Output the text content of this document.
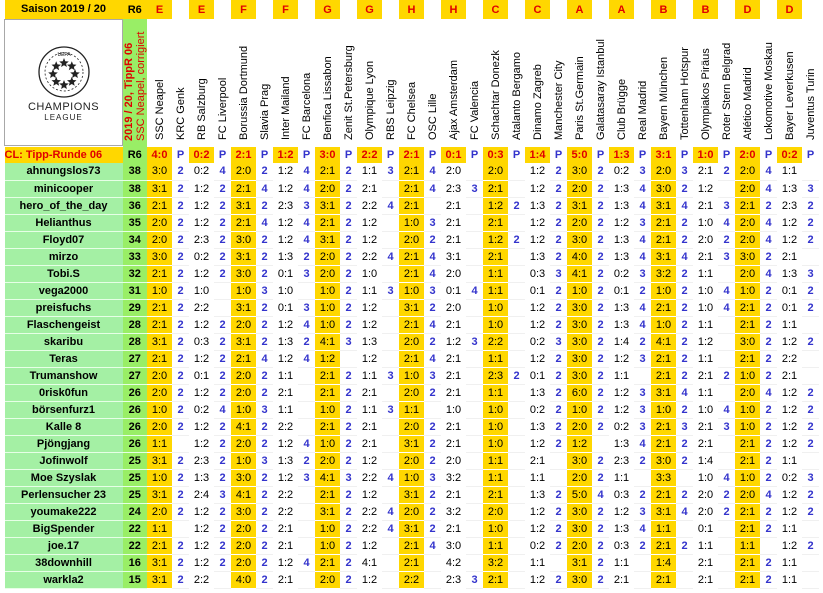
Saison 2019 / 20	R6	E		E		F		F		G		G		H		H		C		C		A		A		B		B		D		D	

UEFA
CHAMPIONS
LEAGUE	2019 / 20, TippR 06SSC Neapel, corrigiert	SSC Neapel	KRC Genk	RB Salzburg	FC Liverpool	Borussia Dortmund	Slavia Prag	Inter Mailand	FC Barcelona	Benfica Lissabon	Zenit St.Petersburg	Olympique Lyon	RBS Leipzig	FC Chelsea	OSC Lille	Ajax Amsterdam	FC Valencia	Schachtar Donezk	Atalanto Bergamo	Dinamo Zagreb	Manchester City	Paris St.Germain	Galatasaray Istanbul	Club Brügge	Real Madrid	Bayern München	Tottenham Hotspur	Olympiakos Piräus	Roter Stern Belgrad	Atlético Madrid	Lokomotive Moskau	Bayer Leverkusen	Juventus Turin

CL: Tipp-Runde 06	R6	4:0	P	0:2	P	2:1	P	1:2	P	3:0	P	2:2	P	2:1	P	0:1	P	0:3	P	1:4	P	5:0	P	1:3	P	3:1	P	1:0	P	2:0	P	0:2	P
ahnungslos73	38	3:0	2	0:2	4	2:0	2	1:2	4	2:1	2	1:1	3	2:1	4	2:0		2:0		1:2	2	3:0	2	0:2	3	2:0	3	2:1	2	2:0	4	1:1	
minicooper	38	3:1	2	1:2	2	2:1	4	1:2	4	2:0	2	2:1		2:1	4	2:3	3	2:1		1:2	2	2:0	2	1:3	4	3:0	2	1:2		2:0	4	1:3	3
hero_of_the_day	36	2:1	2	1:2	2	3:1	2	2:3	3	3:1	2	2:2	4	2:1		2:1		1:2	2	1:3	2	3:1	2	1:3	4	3:1	4	2:1	3	2:1	2	2:3	2
Helianthus	35	2:0	2	1:2	2	2:1	4	1:2	4	2:1	2	1:2		1:0	3	2:1		2:1		1:2	2	2:0	2	1:2	3	2:1	2	1:0	4	2:0	4	1:2	2
Floyd07	34	2:0	2	2:3	2	3:0	2	1:2	4	3:1	2	1:2		2:0	2	2:1		1:2	2	1:2	2	3:0	2	1:3	4	2:1	2	2:0	2	2:0	4	1:2	2
mirzo	33	3:0	2	0:2	2	3:1	2	1:3	2	2:0	2	2:2	4	2:1	4	3:1		2:1		1:3	2	4:0	2	1:3	4	3:1	4	2:1	3	3:0	2	2:1	
Tobi.S	32	2:1	2	1:2	2	3:0	2	0:1	3	2:0	2	1:0		2:1	4	2:0		1:1		0:3	3	4:1	2	0:2	3	3:2	2	1:1		2:0	4	1:3	3
vega2000	31	1:0	2	1:0		1:0	3	1:0		1:0	2	1:1	3	1:0	3	0:1	4	1:1		0:1	2	1:0	2	0:1	2	1:0	2	1:0	4	1:0	2	0:1	2
preisfuchs	29	2:1	2	2:2		3:1	2	0:1	3	1:0	2	1:2		3:1	2	2:0		1:0		1:2	2	3:0	2	1:3	4	2:1	2	1:0	4	2:1	2	0:1	2
Flaschengeist	28	2:1	2	1:2	2	2:0	2	1:2	4	1:0	2	1:2		2:1	4	2:1		1:0		1:2	2	3:0	2	1:3	4	1:0	2	1:1		2:1	2	1:1	
skaribu	28	3:1	2	0:3	2	3:1	2	1:3	2	4:1	3	1:3		2:0	2	1:2	3	2:2		0:2	3	3:0	2	1:4	2	4:1	2	1:2		3:0	2	1:2	2
Teras	27	2:1	2	1:2	2	2:1	4	1:2	4	1:2		1:2		2:1	4	2:1		1:1		1:2	2	3:0	2	1:2	3	2:1	2	1:1		2:1	2	2:2	
Trumanshow	27	2:0	2	0:1	2	2:0	2	1:1		2:1	2	1:1	3	1:0	3	2:1		2:3	2	0:1	2	3:0	2	1:1		2:1	2	2:1	2	1:0	2	2:1	
0risk0fun	26	2:0	2	1:2	2	2:0	2	2:1		2:1	2	2:1		2:0	2	2:1		1:1		1:3	2	6:0	2	1:2	3	3:1	4	1:1		2:0	4	1:2	2
börsenfurz1	26	1:0	2	0:2	4	1:0	3	1:1		1:0	2	1:1	3	1:1		1:0		1:0		0:2	2	1:0	2	1:2	3	1:0	2	1:0	4	1:0	2	1:2	2
Kalle 8	26	2:0	2	1:2	2	4:1	2	2:2		2:1	2	2:1		2:0	2	2:1		1:0		1:3	2	2:0	2	0:2	3	2:1	3	2:1	3	1:0	2	1:2	2
Pjöngjang	26	1:1		1:2	2	2:0	2	1:2	4	1:0	2	2:1		3:1	2	2:1		1:0		1:2	2	1:2		1:3	4	2:1	2	2:1		2:1	2	1:2	2
Jofinwolf	25	3:1	2	2:3	2	1:0	3	1:3	2	2:0	2	1:2		2:0	2	2:0		1:1		2:1		3:0	2	2:3	2	3:0	2	1:4		2:1	2	1:1	
Moe Szyslak	25	1:0	2	1:3	2	3:0	2	1:2	3	4:1	3	2:2	4	1:0	3	3:2		1:1		1:1		2:0	2	1:1		3:3		1:0	4	1:0	2	0:2	3
Perlensucher 23	25	3:1	2	2:4	3	4:1	2	2:2		2:1	2	1:2		3:1	2	2:1		2:1		1:3	2	5:0	4	0:3	2	2:1	2	2:0	2	2:0	4	1:2	2
youmake222	24	2:0	2	1:2	2	3:0	2	2:2		3:1	2	2:2	4	2:0	2	3:2		2:0		1:2	2	3:0	2	1:2	3	3:1	4	2:0	2	2:1	2	1:2	2
BigSpender	22	1:1		1:2	2	2:0	2	2:1		1:0	2	2:2	4	3:1	2	2:1		1:0		1:2	2	3:0	2	1:3	4	1:1		0:1		2:1	2	1:1	
joe.17	22	2:1	2	1:2	2	2:0	2	2:1		1:0	2	1:2		2:1	4	3:0		1:1		0:2	2	2:0	2	0:3	2	2:1	2	1:1		1:1		1:2	2
38downhill	16	3:1	2	1:2	2	2:0	2	1:2	4	2:1	2	4:1		2:1		4:2		3:2		1:1		3:1	2	1:1		1:4		2:1		2:1	2	1:1	
warkla2	15	3:1	2	2:2		4:0	2	2:1		2:0	2	1:2		2:2		2:3	3	2:1		1:2	2	3:0	2	2:1		2:1		2:1		2:1	2	1:1	
